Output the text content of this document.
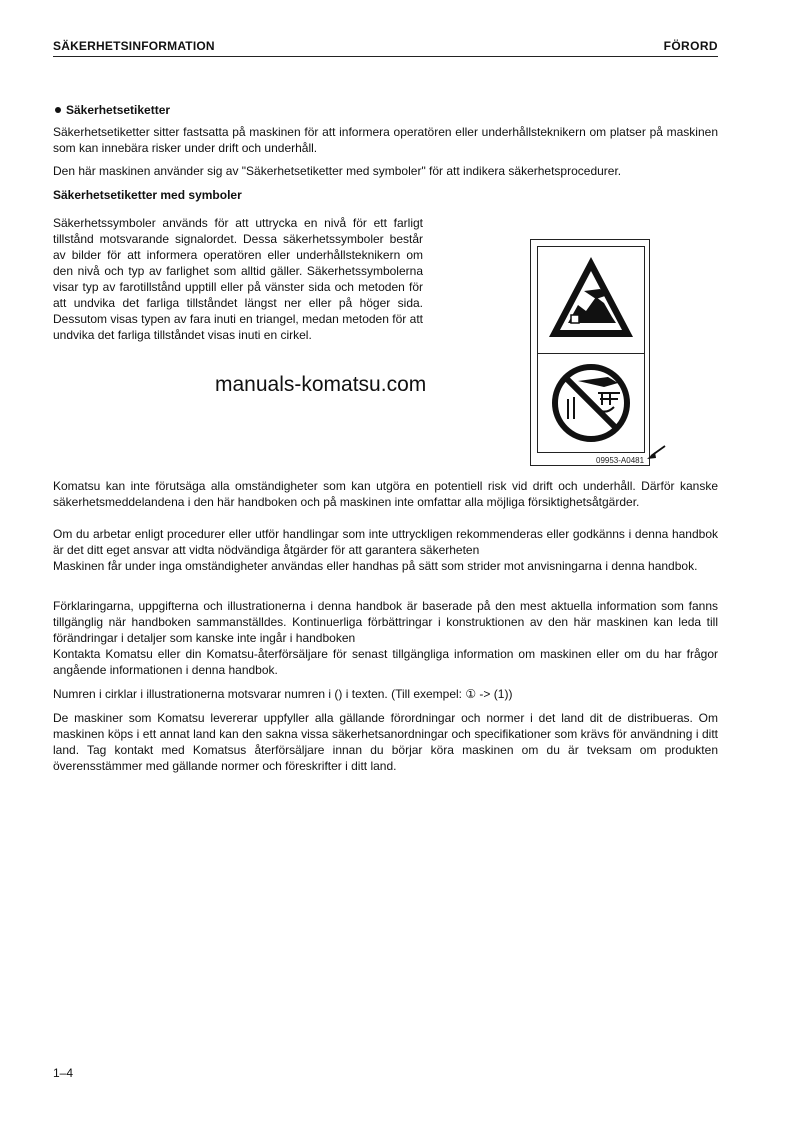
SÄKERHETSINFORMATION	FÖRORD

Säkerhetsetiketter

Säkerhetsetiketter sitter fastsatta på maskinen för att informera operatören eller underhållsteknikern om platser på maskinen som kan innebära risker under drift och underhåll.

Den här maskinen använder sig av "Säkerhetsetiketter med symboler" för att indikera säkerhetsprocedurer.

Säkerhetsetiketter med symboler

Säkerhetssymboler används för att uttrycka en nivå för ett farligt tillstånd motsvarande signalordet. Dessa säkerhetssymboler består av bilder för att informera operatören eller underhållsteknikern om den nivå och typ av farlighet som alltid gäller. Säkerhetssymbolerna visar typ av farotillstånd upptill eller på vänster sida och metoden för att undvika det farliga tillståndet längst ner eller på höger sida. Dessutom visas typen av fara inuti en triangel, medan metoden för att undvika det farliga tillståndet visas inuti en cirkel.

manuals-komatsu.com
09953-A0481

Komatsu kan inte förutsäga alla omständigheter som kan utgöra en potentiell risk vid drift och underhåll. Därför kanske säkerhetsmeddelandena i den här handboken och på maskinen inte omfattar alla möjliga försiktighetsåtgärder.

Om du arbetar enligt procedurer eller utför handlingar som inte uttryckligen rekommenderas eller godkänns i denna handbok är det ditt eget ansvar att vidta nödvändiga åtgärder för att garantera säkerheten

Maskinen får under inga omständigheter användas eller handhas på sätt som strider mot anvisningarna i denna handbok.

Förklaringarna, uppgifterna och illustrationerna i denna handbok är baserade på den mest aktuella information som fanns tillgänglig när handboken sammanställdes. Kontinuerliga förbättringar i konstruktionen av den här maskinen kan leda till förändringar i detaljer som kanske inte ingår i handboken

Kontakta Komatsu eller din Komatsu-återförsäljare för senast tillgängliga information om maskinen eller om du har frågor angående informationen i denna handbok.

Numren i cirklar i illustrationerna motsvarar numren i () i texten. (Till exempel: ① -> (1))

De maskiner som Komatsu levererar uppfyller alla gällande förordningar och normer i det land dit de distribueras. Om maskinen köps i ett annat land kan den sakna vissa säkerhetsanordningar och specifikationer som krävs för användning i ditt land. Tag kontakt med Komatsus återförsäljare innan du börjar köra maskinen om du är tveksam om produkten överensstämmer med gällande normer och föreskrifter i ditt land.

1–4
